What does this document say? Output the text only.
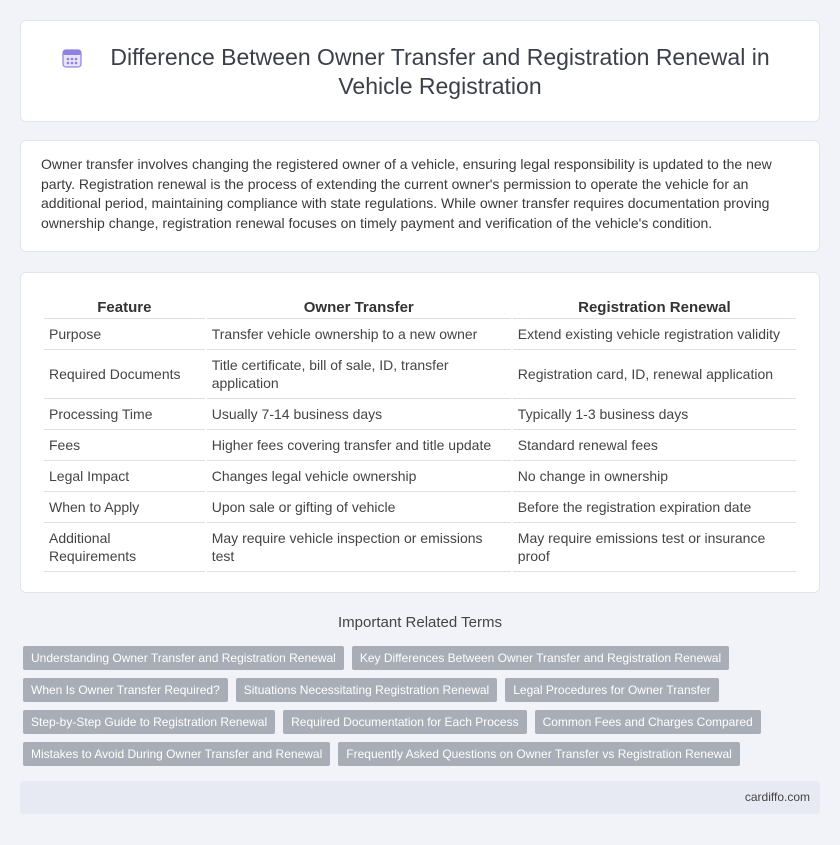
Difference Between Owner Transfer and Registration Renewal in Vehicle Registration

Owner transfer involves changing the registered owner of a vehicle, ensuring legal responsibility is updated to the new party. Registration renewal is the process of extending the current owner's permission to operate the vehicle for an additional period, maintaining compliance with state regulations. While owner transfer requires documentation proving ownership change, registration renewal focuses on timely payment and verification of the vehicle's condition.

Feature	Owner Transfer	Registration Renewal
Purpose	Transfer vehicle ownership to a new owner	Extend existing vehicle registration validity
Required Documents	Title certificate, bill of sale, ID, transfer application	Registration card, ID, renewal application
Processing Time	Usually 7-14 business days	Typically 1-3 business days
Fees	Higher fees covering transfer and title update	Standard renewal fees
Legal Impact	Changes legal vehicle ownership	No change in ownership
When to Apply	Upon sale or gifting of vehicle	Before the registration expiration date
Additional Requirements	May require vehicle inspection or emissions test	May require emissions test or insurance proof
Important Related Terms
Understanding Owner Transfer and Registration Renewal	Key Differences Between Owner Transfer and Registration Renewal
When Is Owner Transfer Required?	Situations Necessitating Registration Renewal	Legal Procedures for Owner Transfer
Step-by-Step Guide to Registration Renewal	Required Documentation for Each Process	Common Fees and Charges Compared
Mistakes to Avoid During Owner Transfer and Renewal	Frequently Asked Questions on Owner Transfer vs Registration Renewal
cardiffo.com
